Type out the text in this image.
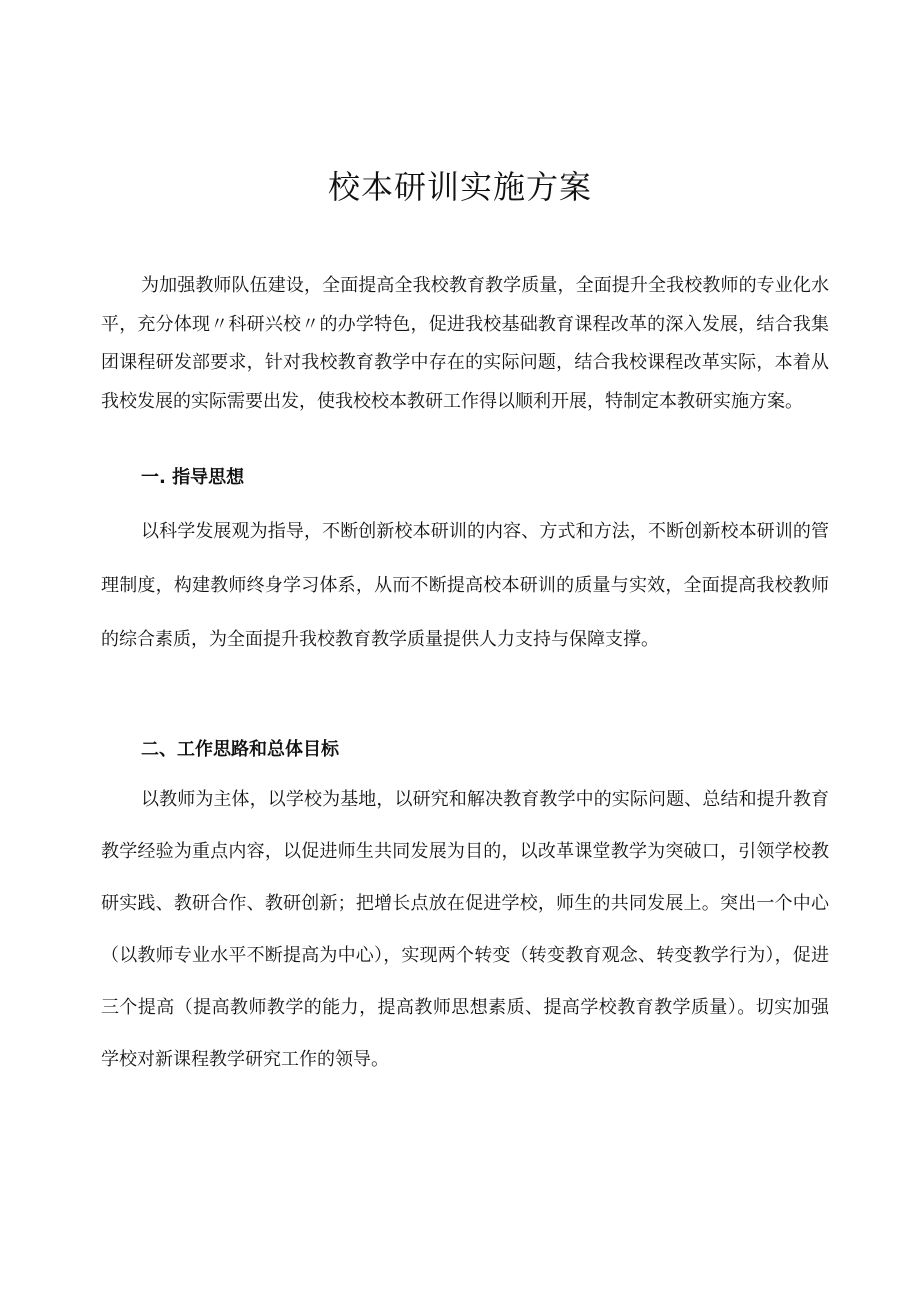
校本研训实施方案

为加强教师队伍建设，全面提高全我校教育教学质量，全面提升全我校教师的专业化水平，充分体现〃科研兴校〃的办学特色，促进我校基础教育课程改革的深入发展，结合我集团课程研发部要求，针对我校教育教学中存在的实际问题，结合我校课程改革实际，本着从我校发展的实际需要出发，使我校校本教研工作得以顺利开展，特制定本教研实施方案。

一. 指导思想

以科学发展观为指导，不断创新校本研训的内容、方式和方法，不断创新校本研训的管理制度，构建教师终身学习体系，从而不断提高校本研训的质量与实效，全面提高我校教师的综合素质，为全面提升我校教育教学质量提供人力支持与保障支撑。

二、工作思路和总体目标

以教师为主体，以学校为基地，以研究和解决教育教学中的实际问题、总结和提升教育教学经验为重点内容，以促进师生共同发展为目的，以改革课堂教学为突破口，引领学校教研实践、教研合作、教研创新；把增长点放在促进学校，师生的共同发展上。突出一个中心（以教师专业水平不断提高为中心），实现两个转变（转变教育观念、转变教学行为），促进三个提高（提高教师教学的能力，提高教师思想素质、提高学校教育教学质量）。切实加强学校对新课程教学研究工作的领导。
